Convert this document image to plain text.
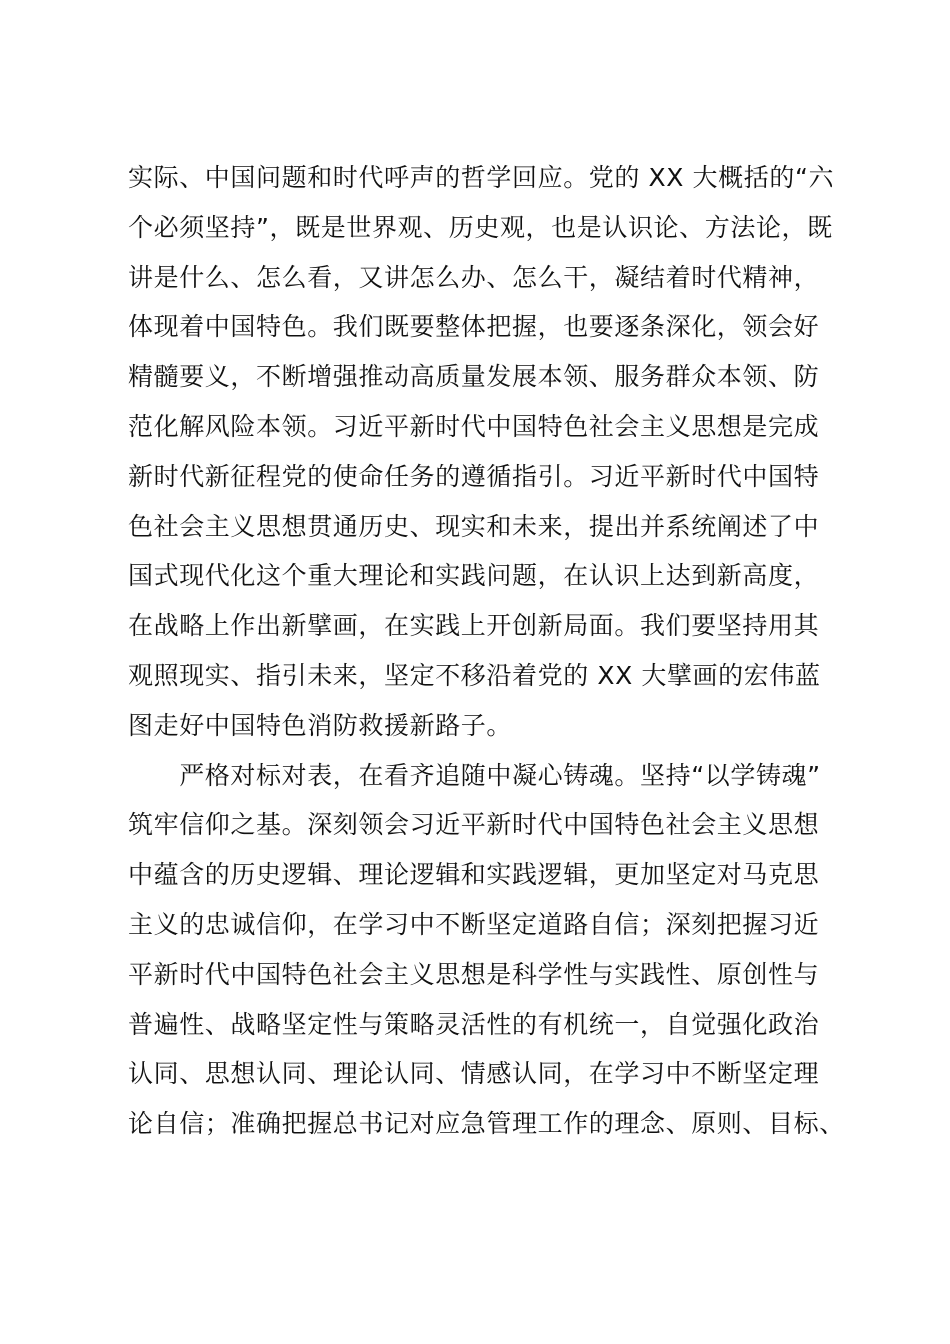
实际、中国问题和时代呼声的哲学回应。党的 XX 大概括的“六
个必须坚持”，既是世界观、历史观，也是认识论、方法论，既
讲是什么、怎么看，又讲怎么办、怎么干，凝结着时代精神，
体现着中国特色。我们既要整体把握，也要逐条深化，领会好
精髓要义，不断增强推动高质量发展本领、服务群众本领、防
范化解风险本领。习近平新时代中国特色社会主义思想是完成
新时代新征程党的使命任务的遵循指引。习近平新时代中国特
色社会主义思想贯通历史、现实和未来，提出并系统阐述了中
国式现代化这个重大理论和实践问题，在认识上达到新高度，
在战略上作出新擘画，在实践上开创新局面。我们要坚持用其
观照现实、指引未来，坚定不移沿着党的 XX 大擘画的宏伟蓝
图走好中国特色消防救援新路子。
　　严格对标对表，在看齐追随中凝心铸魂。坚持“以学铸魂”
筑牢信仰之基。深刻领会习近平新时代中国特色社会主义思想
中蕴含的历史逻辑、理论逻辑和实践逻辑，更加坚定对马克思
主义的忠诚信仰，在学习中不断坚定道路自信；深刻把握习近
平新时代中国特色社会主义思想是科学性与实践性、原创性与
普遍性、战略坚定性与策略灵活性的有机统一，自觉强化政治
认同、思想认同、理论认同、情感认同，在学习中不断坚定理
论自信；准确把握总书记对应急管理工作的理念、原则、目标、
